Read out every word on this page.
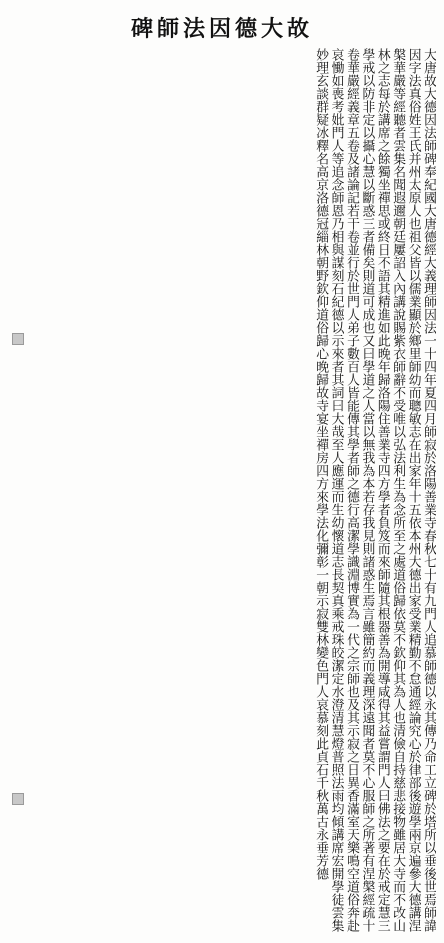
故大德因法師碑
大唐故大德因法師碑奉紀國大唐德經大義理師因法一十四年夏四月師寂於洛陽善業寺春秋七十有九門人追慕師德以永其傳乃命工立碑於塔所以垂後世焉師諱因字法真俗姓王氏并州太原人也祖父皆以儒業顯於鄉里師幼而聰敏志在出家年十五依本州大德出家受業精勤不怠通經論究心於律部後遊學兩京遍參大德講涅槃華嚴等經聽者雲集名聞遐邇朝廷屢詔入內講說賜紫衣師辭不受唯以弘法利生為念所至之處道俗歸依莫不欽仰其為人也清儉自持慈悲接物雖居大寺而不改山林之志每於講席之餘獨坐禪思或終日不語其精進如此晚年歸洛陽住善業寺四方學者負笈而來師隨其根器善為開導咸得其益嘗謂門人曰佛法之要在於戒定慧三學戒以防非定以攝心慧以斷惑三者備矣則道可成也又曰學道之人當以無我為本若存我見則諸惑生焉言雖簡約而義理深遠聞者莫不心服師之所著有涅槃經疏十卷華嚴經義章五卷及諸論記若干卷並行於世門人弟子數百人皆能傳其學者師之德行高潔學識淵博實為一代之宗師也及其示寂之日異香滿室天樂鳴空道俗奔赴哀慟如喪考妣門人等追念師恩乃相與謀刻石紀德以示來者其詞曰大哉至人應運而生幼懷道志長契真乘戒珠皎潔定水澄清慧燈普照法雨均傾講席宏開學徒雲集妙理玄談群疑冰釋名高京洛德冠緇林朝野欽仰道俗歸心晚歸故寺宴坐禪房四方來學法化彌彰一朝示寂雙林變色門人哀慕刻此貞石千秋萬古永垂芳德
